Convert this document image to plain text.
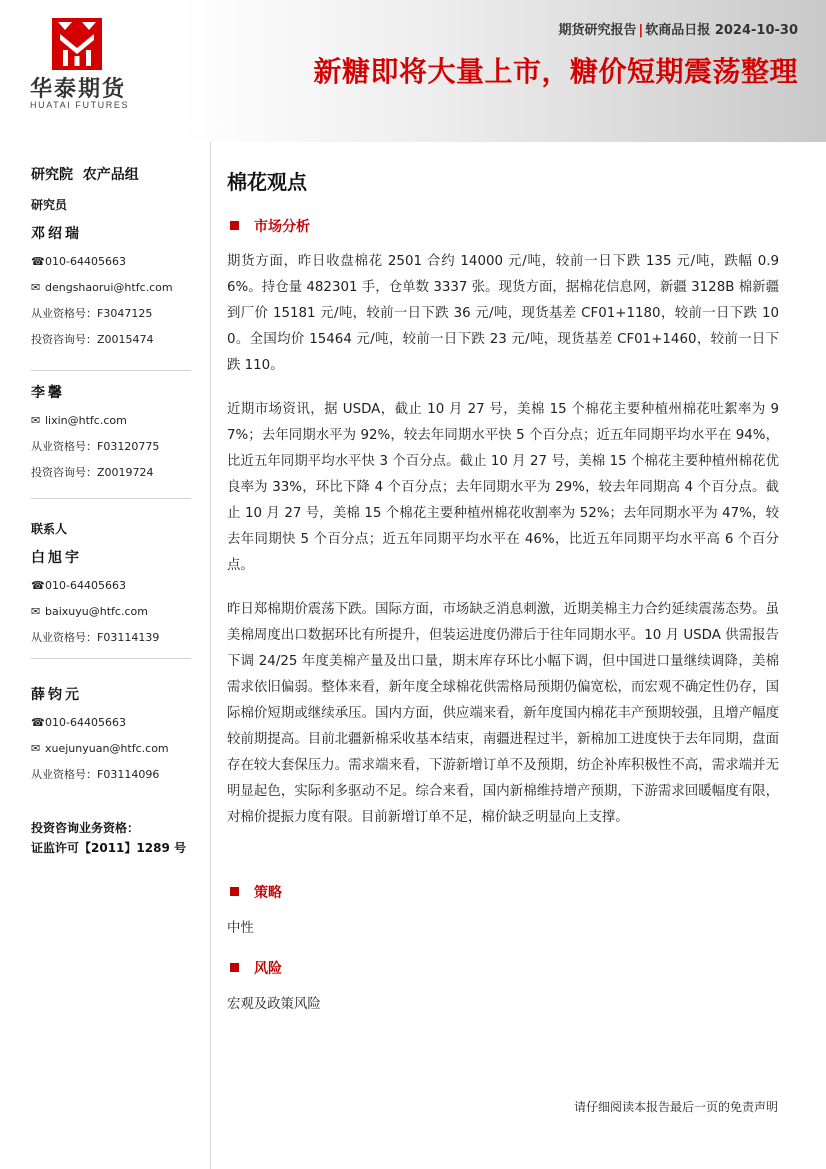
华泰期货
HUATAI FUTURES
期货研究报告 | 软商品日报 2024-10-30
新糖即将大量上市，糖价短期震荡整理
研究院  农产品组
研究员
邓绍瑞
☎010-64405663
✉ dengshaorui@htfc.com
从业资格号：F3047125
投资咨询号：Z0015474
李馨
✉ lixin@htfc.com
从业资格号：F03120775
投资咨询号：Z0019724
联系人
白旭宇
☎010-64405663
✉ baixuyu@htfc.com
从业资格号：F03114139
薛钧元
☎010-64405663
✉ xuejunyuan@htfc.com
从业资格号：F03114096
投资咨询业务资格：
证监许可【2011】1289 号
棉花观点
市场分析
期货方面，昨日收盘棉花 2501 合约 14000 元/吨，较前一日下跌 135 元/吨，跌幅 0.96%。持仓量 482301 手，仓单数 3337 张。现货方面，据棉花信息网，新疆 3128B 棉新疆到厂价 15181 元/吨，较前一日下跌 36 元/吨，现货基差 CF01+1180，较前一日下跌 100。全国均价 15464 元/吨，较前一日下跌 23 元/吨，现货基差 CF01+1460，较前一日下跌 110。
近期市场资讯，据 USDA，截止 10 月 27 号，美棉 15 个棉花主要种植州棉花吐絮率为 97%；去年同期水平为 92%，较去年同期水平快 5 个百分点；近五年同期平均水平在 94%，比近五年同期平均水平快 3 个百分点。截止 10 月 27 号，美棉 15 个棉花主要种植州棉花优良率为 33%，环比下降 4 个百分点；去年同期水平为 29%，较去年同期高 4 个百分点。截止 10 月 27 号，美棉 15 个棉花主要种植州棉花收割率为 52%；去年同期水平为 47%，较去年同期快 5 个百分点；近五年同期平均水平在 46%，比近五年同期平均水平高 6 个百分点。
昨日郑棉期价震荡下跌。国际方面，市场缺乏消息刺激，近期美棉主力合约延续震荡态势。虽美棉周度出口数据环比有所提升，但装运进度仍滞后于往年同期水平。10 月 USDA 供需报告下调 24/25 年度美棉产量及出口量，期末库存环比小幅下调，但中国进口量继续调降，美棉需求依旧偏弱。整体来看，新年度全球棉花供需格局预期仍偏宽松，而宏观不确定性仍存，国际棉价短期或继续承压。国内方面，供应端来看，新年度国内棉花丰产预期较强，且增产幅度较前期提高。目前北疆新棉采收基本结束，南疆进程过半，新棉加工进度快于去年同期，盘面存在较大套保压力。需求端来看，下游新增订单不及预期，纺企补库积极性不高，需求端并无明显起色，实际利多驱动不足。综合来看，国内新棉维持增产预期，下游需求回暖幅度有限，对棉价提振力度有限。目前新增订单不足，棉价缺乏明显向上支撑。
策略
中性
风险
宏观及政策风险
请仔细阅读本报告最后一页的免责声明
